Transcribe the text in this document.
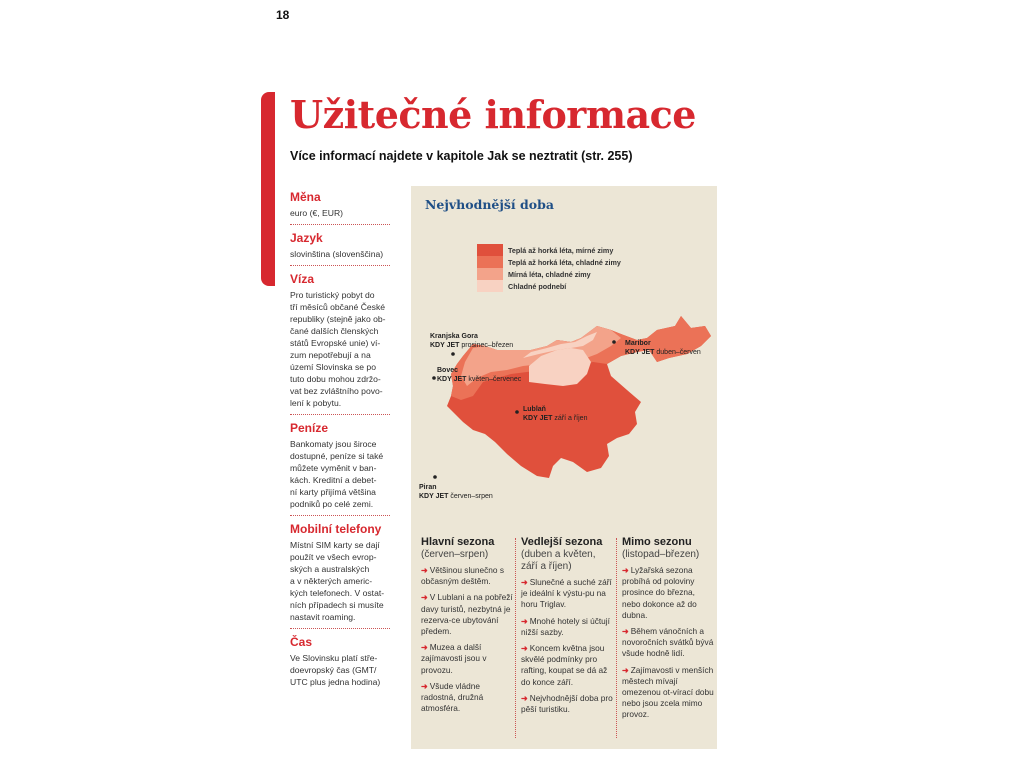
18
Užitečné informace
Více informací najdete v kapitole Jak se neztratit (str. 255)
Měna
euro (€, EUR)
Jazyk
slovinština (slovenščina)
Víza
Pro turistický pobyt do
tří měsíců občané České
republiky (stejně jako ob-
čané dalších členských
států Evropské unie) ví-
zum nepotřebují a na
území Slovinska se po
tuto dobu mohou zdržo-
vat bez zvláštního povo-
lení k pobytu.
Peníze
Bankomaty jsou široce
dostupné, peníze si také
můžete vyměnit v ban-
kách. Kreditní a debet-
ní karty přijímá většina
podniků po celé zemi.
Mobilní telefony
Místní SIM karty se dají
použít ve všech evrop-
ských a australských
a v některých americ-
kých telefonech. V ostat-
ních případech si musíte
nastavit roaming.
Čas
Ve Slovinsku platí stře-
doevropský čas (GMT/
UTC plus jedna hodina)
Nejvhodnější doba
Teplá až horká léta, mírné zimy
Teplá až horká léta, chladné zimy
Mírná léta, chladné zimy
Chladné podnebí
Kranjska Gora
KDY JET prosinec–březen
Bovec
KDY JET květen–červenec
Maribor
KDY JET duben–červen
Lublaň
KDY JET září a říjen
Piran
KDY JET červen–srpen
Hlavní sezona
(červen–srpen)
➜ Většinou slunečno s občasným deštěm.
➜ V Lublani a na pobřeží davy turistů, nezbytná je rezerva-ce ubytování předem.
➜ Muzea a další zajímavosti jsou v provozu.
➜ Všude vládne radostná, družná atmosféra.
Vedlejší sezona
(duben a květen, září a říjen)
➜ Slunečné a suché září je ideální k výstu-pu na horu Triglav.
➜ Mnohé hotely si účtují nižší sazby.
➜ Koncem května jsou skvělé podmínky pro rafting, koupat se dá až do konce září.
➜ Nejvhodnější doba pro pěší turistiku.
Mimo sezonu
(listopad–březen)
➜ Lyžařská sezona probíhá od poloviny prosince do března, nebo dokonce až do dubna.
➜ Během vánočních a novoročních svátků bývá všude hodně lidí.
➜ Zajímavosti v menších městech mívají omezenou ot-vírací dobu nebo jsou zcela mimo provoz.
